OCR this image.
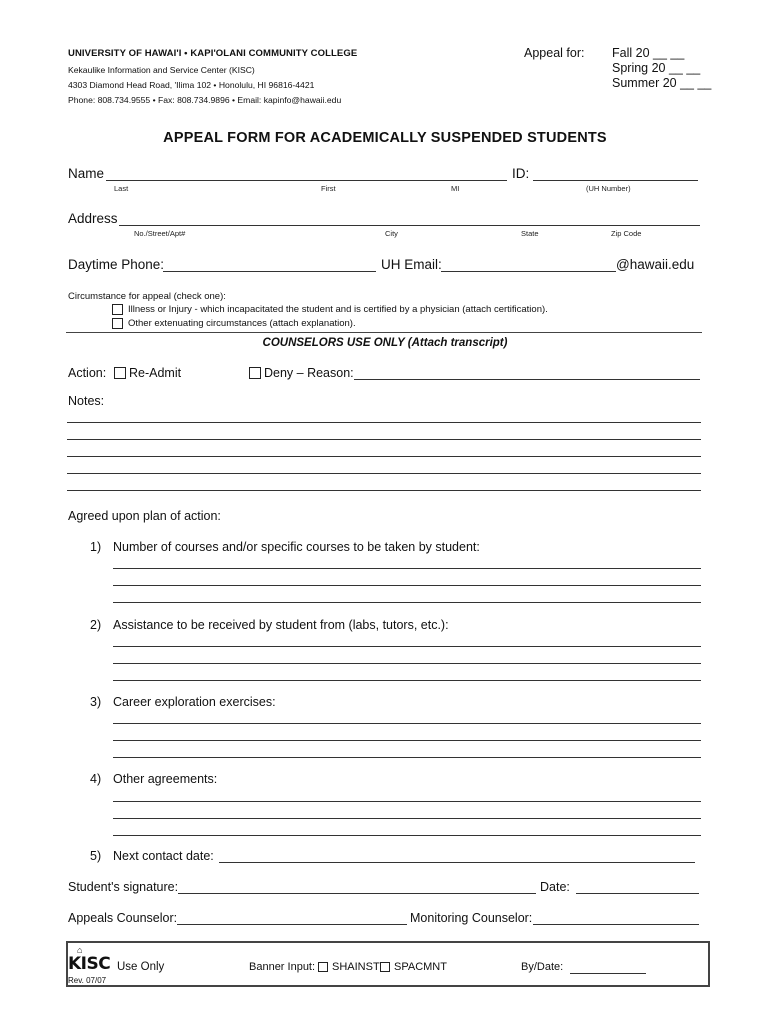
UNIVERSITY OF HAWAI'I • KAPI'OLANI COMMUNITY COLLEGE
Kekaulike Information and Service Center (KISC)
4303 Diamond Head Road, 'Ilima 102 • Honolulu, HI 96816-4421
Phone: 808.734.9555 • Fax: 808.734.9896 • Email: kapinfo@hawaii.edu
Appeal for: Fall 20 __ __
Spring 20 __ __
Summer 20 __ __
APPEAL FORM FOR ACADEMICALLY SUSPENDED STUDENTS
Name	ID:
Last	First	MI	(UH Number)
Address
No./Street/Apt#	City	State	Zip Code
Daytime Phone:	UH Email:	@hawaii.edu
Circumstance for appeal (check one):
Illness or Injury - which incapacitated the student and is certified by a physician (attach certification).
Other extenuating circumstances (attach explanation).
COUNSELORS USE ONLY (Attach transcript)
Action: Re-Admit	Deny – Reason:
Notes:
Agreed upon plan of action:
1) Number of courses and/or specific courses to be taken by student:
2) Assistance to be received by student from (labs, tutors, etc.):
3) Career exploration exercises:
4) Other agreements:
5) Next contact date:
Student's signature:	Date:
Appeals Counselor:	Monitoring Counselor:
⌂
KISC Use Only	Banner Input: SHAINST SPACMNT	By/Date:
Rev. 07/07
